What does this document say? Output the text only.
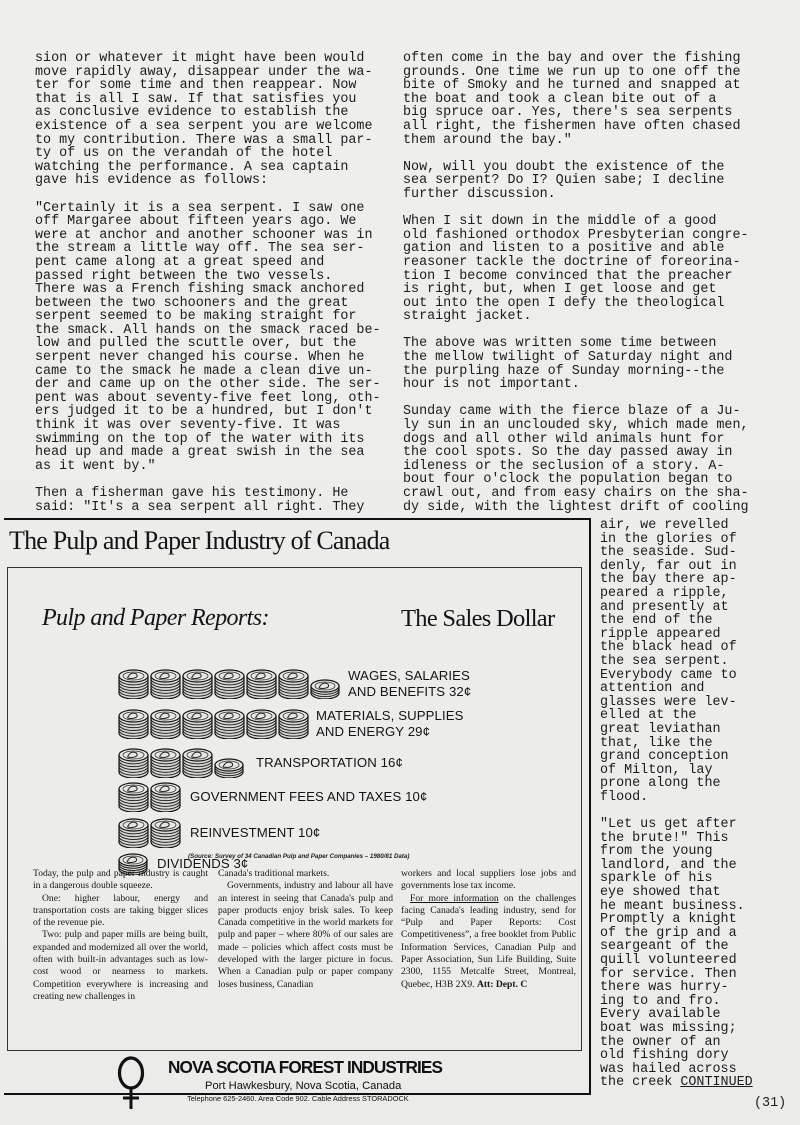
sion or whatever it might have been would
move rapidly away, disappear under the wa-
ter for some time and then reappear. Now
that is all I saw. If that satisfies you
as conclusive evidence to establish the
existence of a sea serpent you are welcome
to my contribution. There was a small par-
ty of us on the verandah of the hotel
watching the performance. A sea captain
gave his evidence as follows:

"Certainly it is a sea serpent. I saw one
off Margaree about fifteen years ago. We
were at anchor and another schooner was in
the stream a little way off. The sea ser-
pent came along at a great speed and
passed right between the two vessels.
There was a French fishing smack anchored
between the two schooners and the great
serpent seemed to be making straight for
the smack. All hands on the smack raced be-
low and pulled the scuttle over, but the
serpent never changed his course. When he
came to the smack he made a clean dive un-
der and came up on the other side. The ser-
pent was about seventy-five feet long, oth-
ers judged it to be a hundred, but I don't
think it was over seventy-five. It was
swimming on the top of the water with its
head up and made a great swish in the sea
as it went by."

Then a fisherman gave his testimony. He
said: "It's a sea serpent all right. They

often come in the bay and over the fishing
grounds. One time we run up to one off the
bite of Smoky and he turned and snapped at
the boat and took a clean bite out of a
big spruce oar. Yes, there's sea serpents
all right, the fishermen have often chased
them around the bay."

Now, will you doubt the existence of the
sea serpent? Do I? Quien sabe; I decline
further discussion.

When I sit down in the middle of a good
old fashioned orthodox Presbyterian congre-
gation and listen to a positive and able
reasoner tackle the doctrine of foreorina-
tion I become convinced that the preacher
is right, but, when I get loose and get
out into the open I defy the theological
straight jacket.

The above was written some time between
the mellow twilight of Saturday night and
the purpling haze of Sunday morning--the
hour is not important.

Sunday came with the fierce blaze of a Ju-
ly sun in an unclouded sky, which made men,
dogs and all other wild animals hunt for
the cool spots. So the day passed away in
idleness or the seclusion of a story. A-
bout four o'clock the population began to
crawl out, and from easy chairs on the sha-
dy side, with the lightest drift of cooling

air, we revelled
in the glories of
the seaside. Sud-
denly, far out in
the bay there ap-
peared a ripple,
and presently at
the end of the
ripple appeared
the black head of
the sea serpent.
Everybody came to
attention and
glasses were lev-
elled at the
great leviathan
that, like the
grand conception
of Milton, lay
prone along the
flood.

"Let us get after
the brute!" This
from the young
landlord, and the
sparkle of his
eye showed that
he meant business.
Promptly a knight
of the grip and a
seargeant of the
quill volunteered
for service. Then
there was hurry-
ing to and fro.
Every available
boat was missing;
the owner of an
old fishing dory
was hailed across
the creek CONTINUED

(31)
The Pulp and Paper Industry of Canada
Pulp and Paper Reports:	The Sales Dollar
WAGES, SALARIES
AND BENEFITS 32¢
MATERIALS, SUPPLIES
AND ENERGY 29¢
TRANSPORTATION 16¢
GOVERNMENT FEES AND TAXES 10¢
REINVESTMENT 10¢
DIVIDENDS 3¢
(Source: Survey of 34 Canadian Pulp and Paper Companies – 1980/81 Data)

Today, the pulp and paper industry is caught in a dangerous double squeeze.

One: higher labour, energy and transportation costs are taking bigger slices of the revenue pie.

Two: pulp and paper mills are being built, expanded and modernized all over the world, often with built-in advantages such as low-cost wood or nearness to markets. Competition everywhere is increasing and creating new challenges in

Canada's traditional markets.

Governments, industry and labour all have an interest in seeing that Canada's pulp and paper products enjoy brisk sales. To keep Canada competitive in the world markets for pulp and paper – where 80% of our sales are made – policies which affect costs must be developed with the larger picture in focus. When a Canadian pulp or paper company loses business, Canadian

workers and local suppliers lose jobs and governments lose tax income.

For more information on the challenges facing Canada's leading industry, send for “Pulp and Paper Reports: Cost Competitiveness”, a free booklet from Public Information Services, Canadian Pulp and Paper Association, Sun Life Building, Suite 2300, 1155 Metcalfe Street, Montreal, Quebec, H3B 2X9. Att: Dept. C

NOVA SCOTIA FOREST INDUSTRIES
Port Hawkesbury, Nova Scotia, Canada
Telephone 625-2460. Area Code 902. Cable Address STORADOCK
